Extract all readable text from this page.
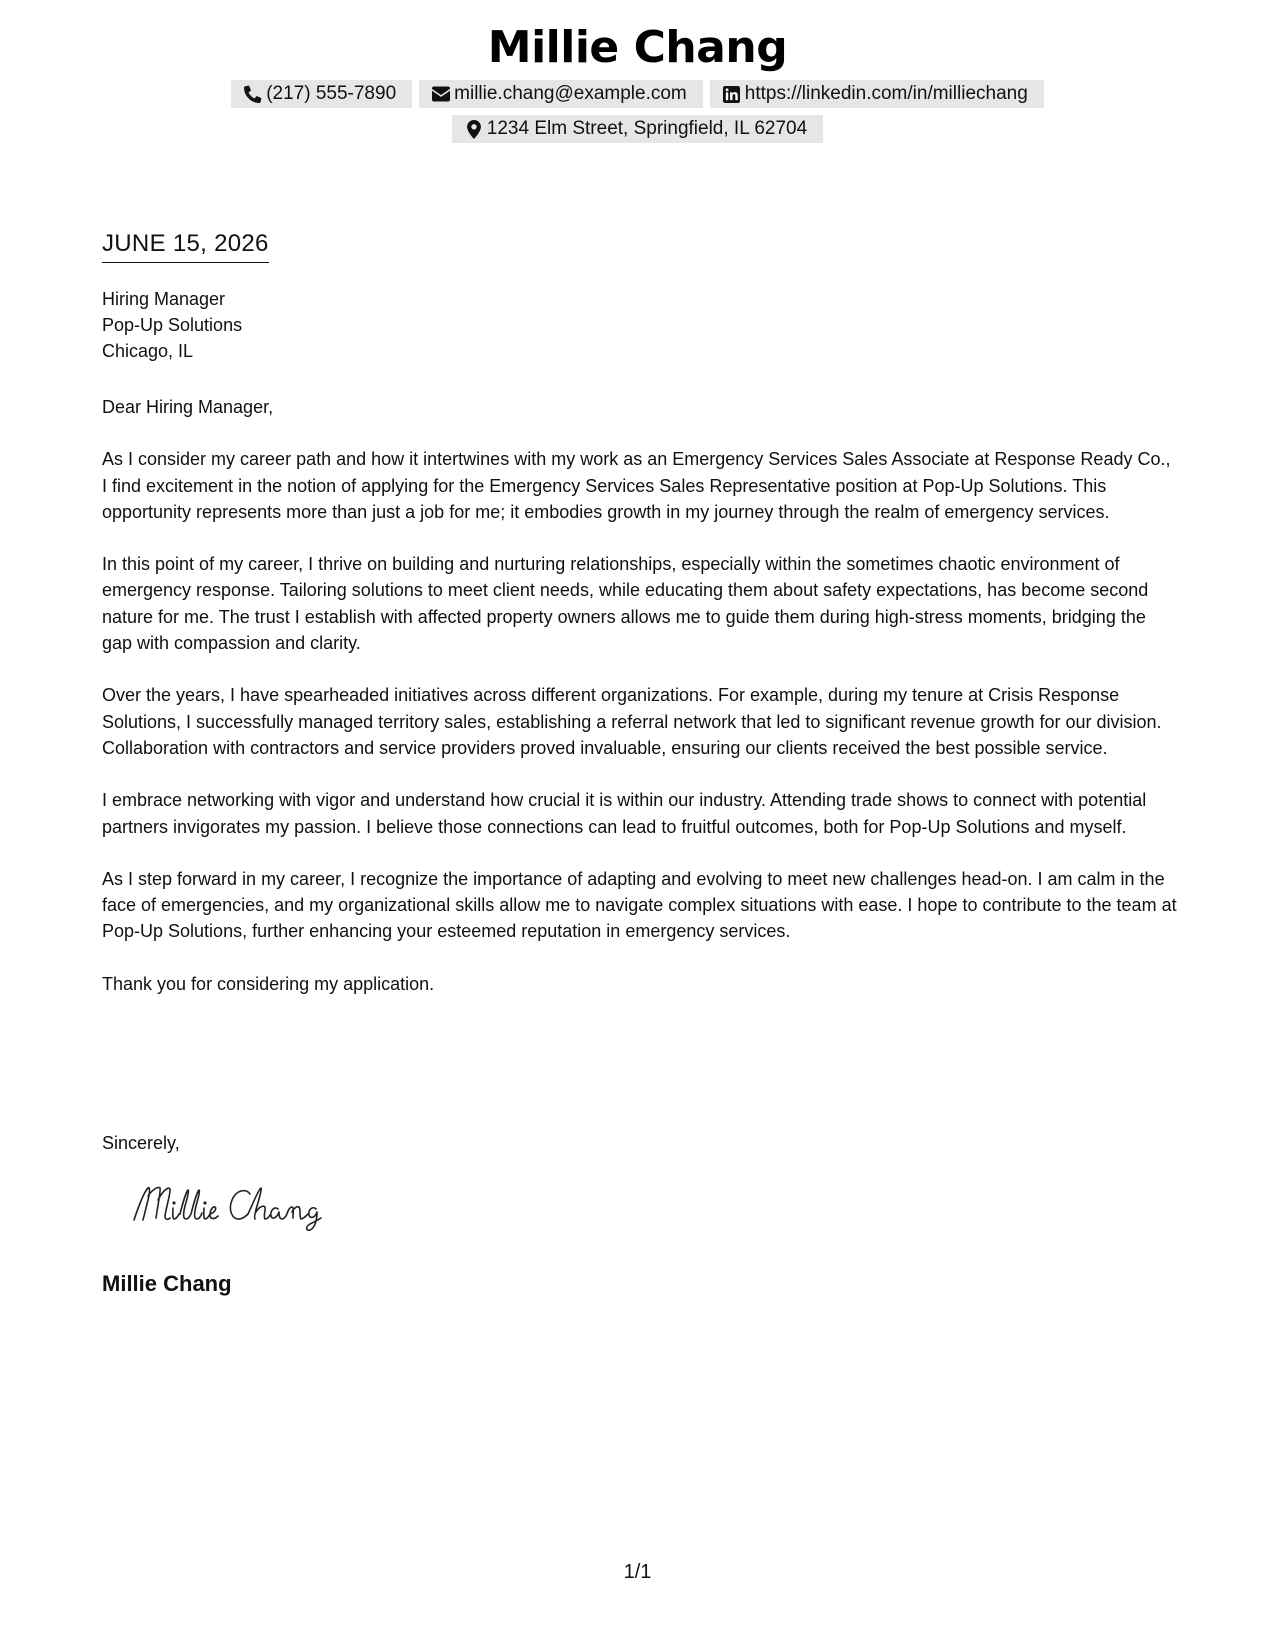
Millie Chang
(217) 555-7890	millie.chang@example.com	https://linkedin.com/in/milliechang
1234 Elm Street, Springfield, IL 62704
JUNE 15, 2026
Hiring Manager
Pop-Up Solutions
Chicago, IL

Dear Hiring Manager,

As I consider my career path and how it intertwines with my work as an Emergency Services Sales Associate at Response Ready Co., I find excitement in the notion of applying for the Emergency Services Sales Representative position at Pop-Up Solutions. This opportunity represents more than just a job for me; it embodies growth in my journey through the realm of emergency services.

In this point of my career, I thrive on building and nurturing relationships, especially within the sometimes chaotic environment of emergency response. Tailoring solutions to meet client needs, while educating them about safety expectations, has become second nature for me. The trust I establish with affected property owners allows me to guide them during high-stress moments, bridging the gap with compassion and clarity.

Over the years, I have spearheaded initiatives across different organizations. For example, during my tenure at Crisis Response Solutions, I successfully managed territory sales, establishing a referral network that led to significant revenue growth for our division. Collaboration with contractors and service providers proved invaluable, ensuring our clients received the best possible service.

I embrace networking with vigor and understand how crucial it is within our industry. Attending trade shows to connect with potential partners invigorates my passion. I believe those connections can lead to fruitful outcomes, both for Pop-Up Solutions and myself.

As I step forward in my career, I recognize the importance of adapting and evolving to meet new challenges head-on. I am calm in the face of emergencies, and my organizational skills allow me to navigate complex situations with ease. I hope to contribute to the team at Pop-Up Solutions, further enhancing your esteemed reputation in emergency services.

Thank you for considering my application.

Sincerely,
Millie Chang
1/1
